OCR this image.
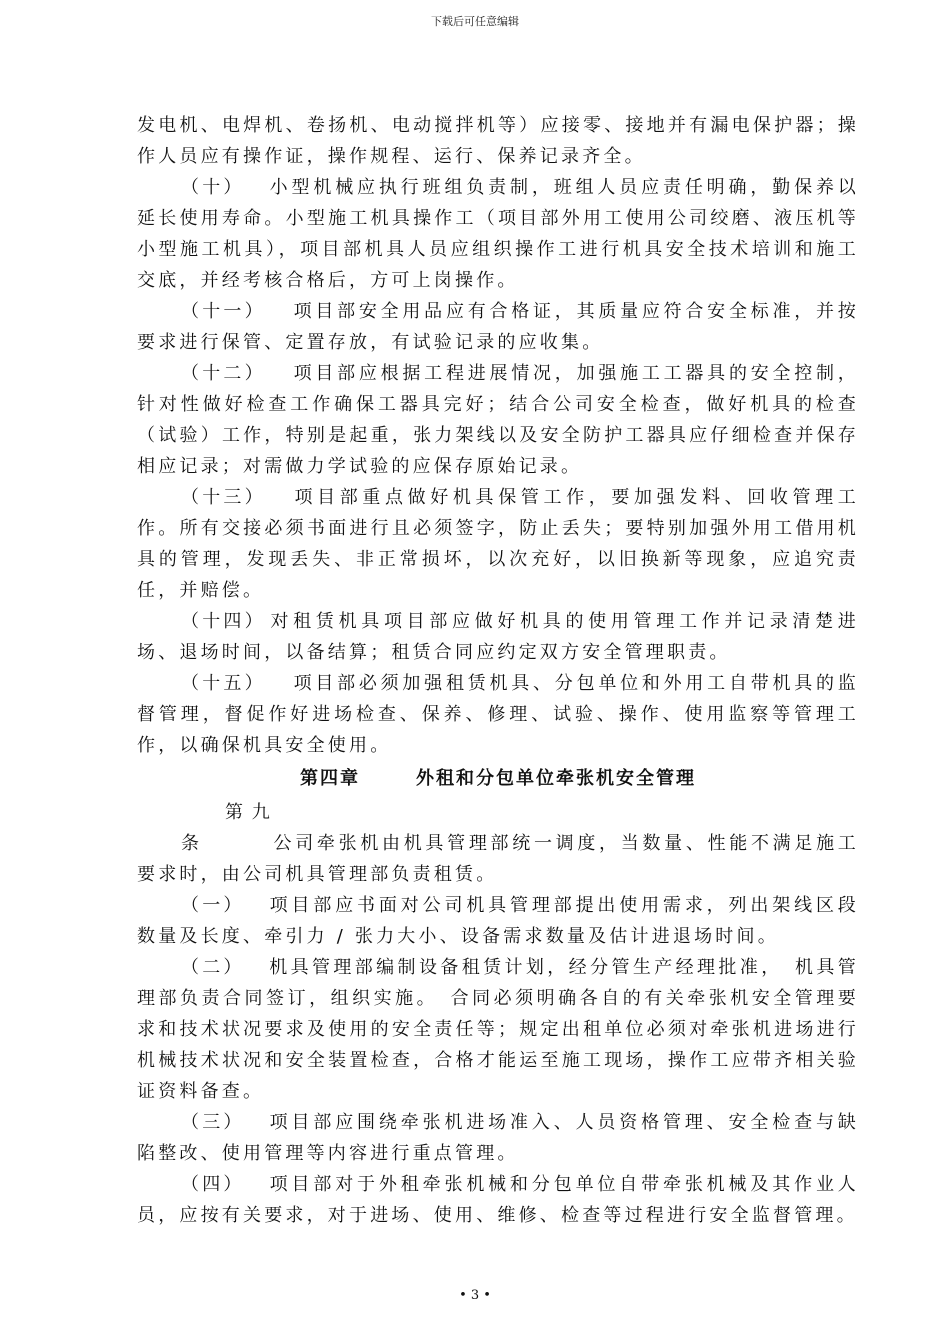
下载后可任意编辑

发电机、电焊机、卷扬机、电动搅拌机等）应接零、接地并有漏电保护器；操作人员应有操作证，操作规程、运行、保养记录齐全。

（十） 小型机械应执行班组负责制，班组人员应责任明确，勤保养以延长使用寿命。小型施工机具操作工（项目部外用工使用公司绞磨、液压机等小型施工机具），项目部机具人员应组织操作工进行机具安全技术培训和施工交底，并经考核合格后，方可上岗操作。

（十一） 项目部安全用品应有合格证，其质量应符合安全标准，并按要求进行保管、定置存放，有试验记录的应收集。

（十二） 项目部应根据工程进展情况，加强施工工器具的安全控制，针对性做好检查工作确保工器具完好；结合公司安全检查，做好机具的检查（试验）工作，特别是起重，张力架线以及安全防护工器具应仔细检查并保存相应记录；对需做力学试验的应保存原始记录。

（十三） 项目部重点做好机具保管工作，要加强发料、回收管理工作。所有交接必须书面进行且必须签字，防止丢失；要特别加强外用工借用机具的管理，发现丢失、非正常损坏，以次充好，以旧换新等现象，应追究责任，并赔偿。

（十四） 对租赁机具项目部应做好机具的使用管理工作并记录清楚进场、退场时间，以备结算；租赁合同应约定双方安全管理职责。

（十五） 项目部必须加强租赁机具、分包单位和外用工自带机具的监督管理，督促作好进场检查、保养、修理、试验、操作、使用监察等管理工作，以确保机具安全使用。

第四章	外租和分包单位牵张机安全管理

第九条	公司牵张机由机具管理部统一调度，当数量、性能不满足施工要求时，由公司机具管理部负责租赁。

（一） 项目部应书面对公司机具管理部提出使用需求，列出架线区段数量及长度、牵引力 / 张力大小、设备需求数量及估计进退场时间。

（二） 机具管理部编制设备租赁计划，经分管生产经理批准，　机具管理部负责合同签订，组织实施。　合同必须明确各自的有关牵张机安全管理要求和技术状况要求及使用的安全责任等；规定出租单位必须对牵张机进场进行机械技术状况和安全装置检查，合格才能运至施工现场，操作工应带齐相关验证资料备查。

（三） 项目部应围绕牵张机进场准入、人员资格管理、安全检查与缺陷整改、使用管理等内容进行重点管理。

（四） 项目部对于外租牵张机械和分包单位自带牵张机械及其作业人员，应按有关要求，对于进场、使用、维修、检查等过程进行安全监督管理。

• 3 •
